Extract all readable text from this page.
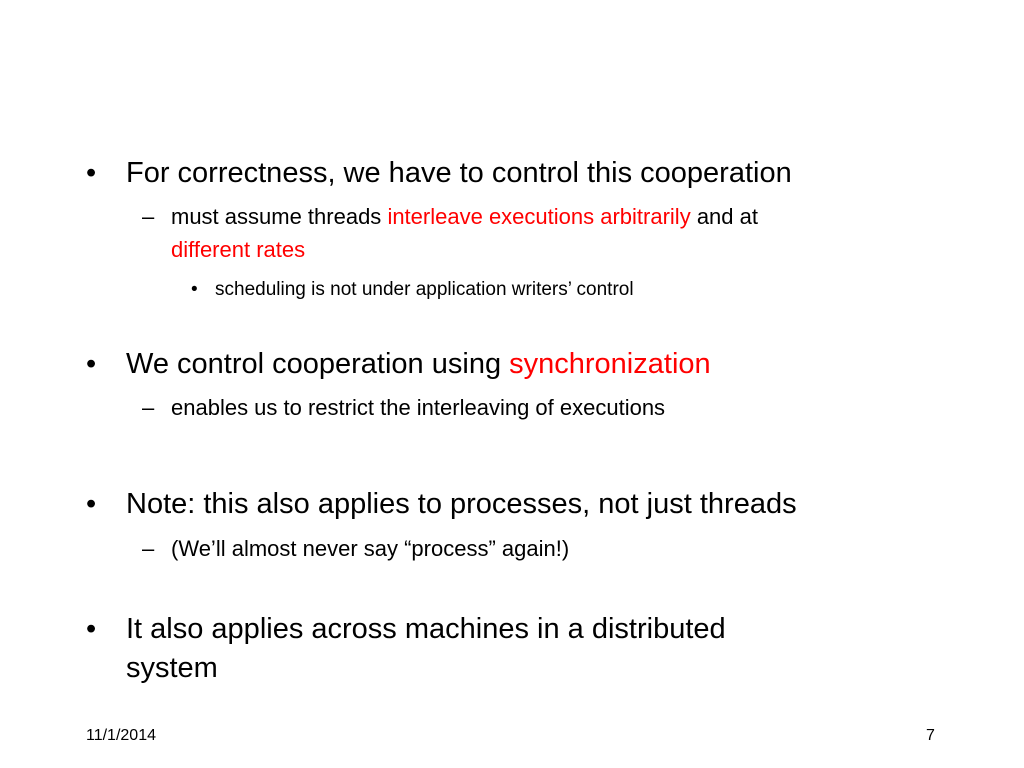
• For correctness, we have to control this cooperation
– must assume threads interleave executions arbitrarily and at
different rates
• scheduling is not under application writers’ control
• We control cooperation using synchronization
– enables us to restrict the interleaving of executions
• Note: this also applies to processes, not just threads
– (We’ll almost never say “process” again!)
• It also applies across machines in a distributed
system
11/1/2014	7
